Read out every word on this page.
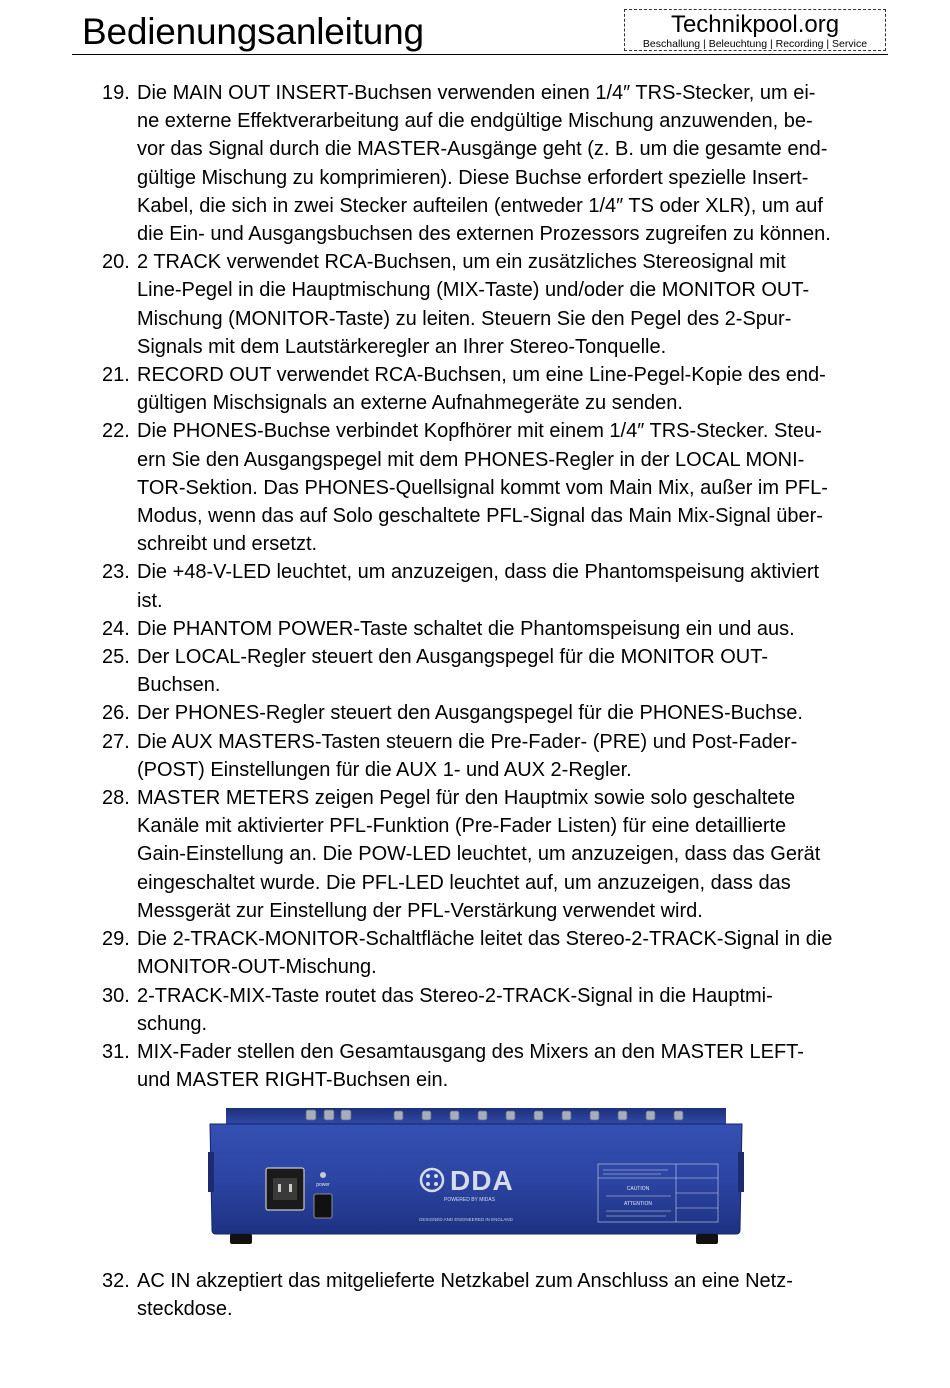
Bedienungsanleitung	Technikpool.org
Beschallung | Beleuchtung | Recording | Service
19. Die MAIN OUT INSERT-Buchsen verwenden einen 1/4″ TRS-Stecker, um ei-
ne externe Effektverarbeitung auf die endgültige Mischung anzuwenden, be-
vor das Signal durch die MASTER-Ausgänge geht (z. B. um die gesamte end-
gültige Mischung zu komprimieren). Diese Buchse erfordert spezielle Insert-
Kabel, die sich in zwei Stecker aufteilen (entweder 1/4″ TS oder XLR), um auf
die Ein- und Ausgangsbuchsen des externen Prozessors zugreifen zu können.
20. 2 TRACK verwendet RCA-Buchsen, um ein zusätzliches Stereosignal mit
Line-Pegel in die Hauptmischung (MIX-Taste) und/oder die MONITOR OUT-
Mischung (MONITOR-Taste) zu leiten. Steuern Sie den Pegel des 2-Spur-
Signals mit dem Lautstärkeregler an Ihrer Stereo-Tonquelle.
21. RECORD OUT verwendet RCA-Buchsen, um eine Line-Pegel-Kopie des end-
gültigen Mischsignals an externe Aufnahmegeräte zu senden.
22. Die PHONES-Buchse verbindet Kopfhörer mit einem 1/4″ TRS-Stecker. Steu-
ern Sie den Ausgangspegel mit dem PHONES-Regler in der LOCAL MONI-
TOR-Sektion. Das PHONES-Quellsignal kommt vom Main Mix, außer im PFL-
Modus, wenn das auf Solo geschaltete PFL-Signal das Main Mix-Signal über-
schreibt und ersetzt.
23. Die +48-V-LED leuchtet, um anzuzeigen, dass die Phantomspeisung aktiviert
ist.
24. Die PHANTOM POWER-Taste schaltet die Phantomspeisung ein und aus.
25. Der LOCAL-Regler steuert den Ausgangspegel für die MONITOR OUT-
Buchsen.
26. Der PHONES-Regler steuert den Ausgangspegel für die PHONES-Buchse.
27. Die AUX MASTERS-Tasten steuern die Pre-Fader- (PRE) und Post-Fader-
(POST) Einstellungen für die AUX 1- und AUX 2-Regler.
28. MASTER METERS zeigen Pegel für den Hauptmix sowie solo geschaltete
Kanäle mit aktivierter PFL-Funktion (Pre-Fader Listen) für eine detaillierte
Gain-Einstellung an. Die POW-LED leuchtet, um anzuzeigen, dass das Gerät
eingeschaltet wurde. Die PFL-LED leuchtet auf, um anzuzeigen, dass das
Messgerät zur Einstellung der PFL-Verstärkung verwendet wird.
29. Die 2-TRACK-MONITOR-Schaltfläche leitet das Stereo-2-TRACK-Signal in die
MONITOR-OUT-Mischung.
30. 2-TRACK-MIX-Taste routet das Stereo-2-TRACK-Signal in die Hauptmi-
schung.
31. MIX-Fader stellen den Gesamtausgang des Mixers an den MASTER LEFT-
und MASTER RIGHT-Buchsen ein.
power	DDA
POWERED BY MIDAS
DESIGNED AND ENGINEERED IN ENGLAND
CAUTION
ATTENTION
32. AC IN akzeptiert das mitgelieferte Netzkabel zum Anschluss an eine Netz-
steckdose.
